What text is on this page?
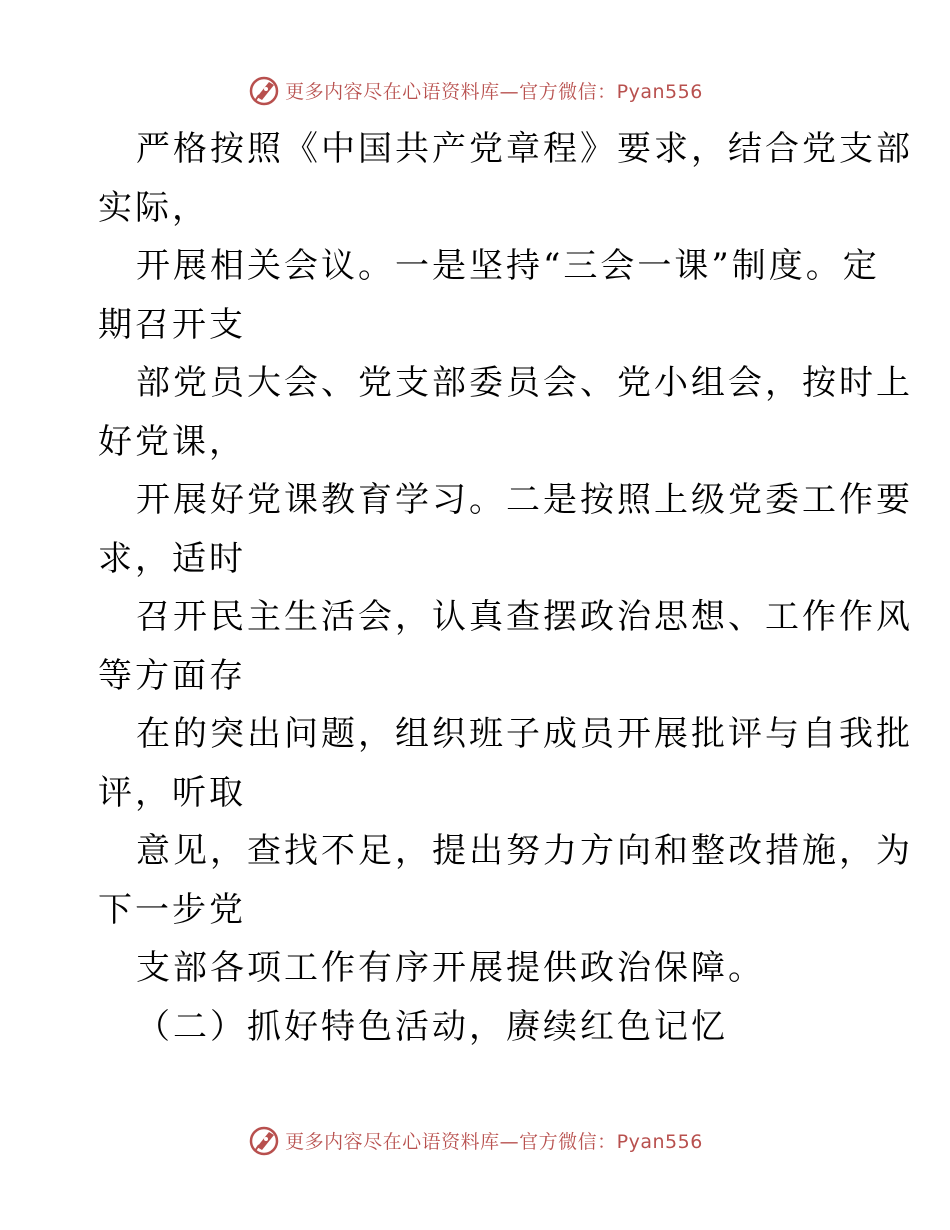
更多内容尽在心语资料库—官方微信：Pyan556
严格按照《中国共产党章程》要求，结合党支部
实际，
开展相关会议。一是坚持“三会一课”制度。定
期召开支
部党员大会、党支部委员会、党小组会，按时上
好党课，
开展好党课教育学习。二是按照上级党委工作要
求，适时
召开民主生活会，认真查摆政治思想、工作作风
等方面存
在的突出问题，组织班子成员开展批评与自我批
评，听取
意见，查找不足，提出努力方向和整改措施，为
下一步党
支部各项工作有序开展提供政治保障。
（二）抓好特色活动，赓续红色记忆
更多内容尽在心语资料库—官方微信：Pyan556
